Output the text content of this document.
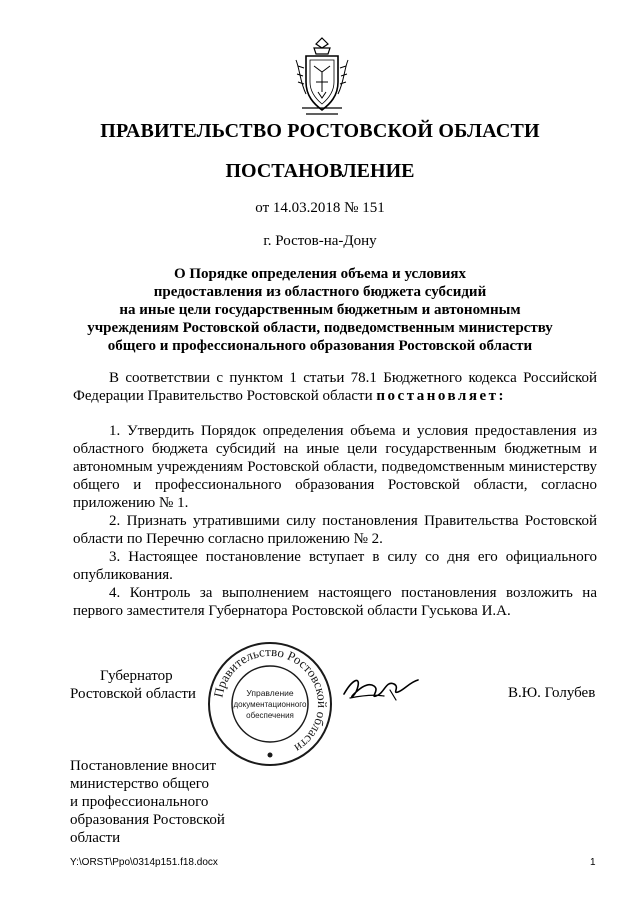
ПРАВИТЕЛЬСТВО РОСТОВСКОЙ ОБЛАСТИ
ПОСТАНОВЛЕНИЕ
от 14.03.2018 № 151
г. Ростов-на-Дону
О Порядке определения объема и условиях
предоставления из областного бюджета субсидий
на иные цели государственным бюджетным и автономным
учреждениям Ростовской области, подведомственным министерству
общего и профессионального образования Ростовской области

В соответствии с пунктом 1 статьи 78.1 Бюджетного кодекса Российской Федерации Правительство Ростовской области постановляет:

1. Утвердить Порядок определения объема и условия предоставления из областного бюджета субсидий на иные цели государственным бюджетным и автономным учреждениям Ростовской области, подведомственным министерству общего и профессионального образования Ростовской области, согласно приложению № 1.

2. Признать утратившими силу постановления Правительства Ростовской области по Перечню согласно приложению № 2.

3. Настоящее постановление вступает в силу со дня его официального опубликования.

4. Контроль за выполнением настоящего постановления возложить на первого заместителя Губернатора Ростовской области Гуськова И.А.

Губернатор
Ростовской области Правительство Ростовской области
Управление
документационного
обеспечения
В.Ю. Голубев
Постановление вносит
министерство общего
и профессионального
образования Ростовской
области
Y:\ORST\Ppo\0314p151.f18.docx	1
